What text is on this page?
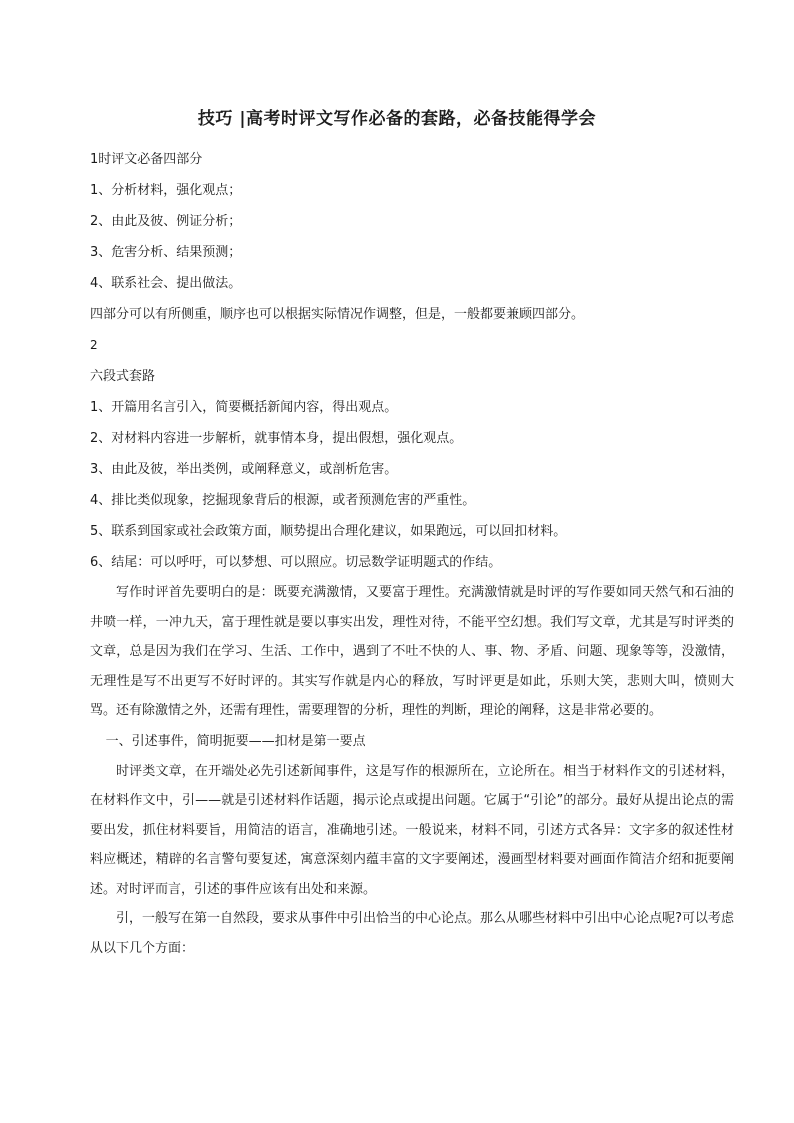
技巧 |高考时评文写作必备的套路，必备技能得学会

1时评文必备四部分

1、分析材料，强化观点；

2、由此及彼、例证分析；

3、危害分析、结果预测；

4、联系社会、提出做法。

四部分可以有所侧重，顺序也可以根据实际情况作调整，但是，一般都要兼顾四部分。

2

六段式套路

1、开篇用名言引入，简要概括新闻内容，得出观点。

2、对材料内容进一步解析，就事情本身，提出假想，强化观点。

3、由此及彼，举出类例，或阐释意义，或剖析危害。

4、排比类似现象，挖掘现象背后的根源，或者预测危害的严重性。

5、联系到国家或社会政策方面，顺势提出合理化建议，如果跑远，可以回扣材料。

6、结尾：可以呼吁，可以梦想、可以照应。切忌数学证明题式的作结。

写作时评首先要明白的是：既要充满激情，又要富于理性。充满激情就是时评的写作要如同天然气和石油的井喷一样，一冲九天，富于理性就是要以事实出发，理性对待，不能平空幻想。我们写文章，尤其是写时评类的文章，总是因为我们在学习、生活、工作中，遇到了不吐不快的人、事、物、矛盾、问题、现象等等，没激情，无理性是写不出更写不好时评的。其实写作就是内心的释放，写时评更是如此，乐则大笑，悲则大叫，愤则大骂。还有除激情之外，还需有理性，需要理智的分析，理性的判断，理论的阐释，这是非常必要的。

一、引述事件，简明扼要——扣材是第一要点

时评类文章，在开端处必先引述新闻事件，这是写作的根源所在，立论所在。相当于材料作文的引述材料，在材料作文中，引——就是引述材料作话题，揭示论点或提出问题。它属于“引论”的部分。最好从提出论点的需要出发，抓住材料要旨，用简洁的语言，准确地引述。一般说来，材料不同，引述方式各异：文字多的叙述性材料应概述，精辟的名言警句要复述，寓意深刻内蕴丰富的文字要阐述，漫画型材料要对画面作简洁介绍和扼要阐述。对时评而言，引述的事件应该有出处和来源。

引，一般写在第一自然段，要求从事件中引出恰当的中心论点。那么从哪些材料中引出中心论点呢?可以考虑从以下几个方面：
